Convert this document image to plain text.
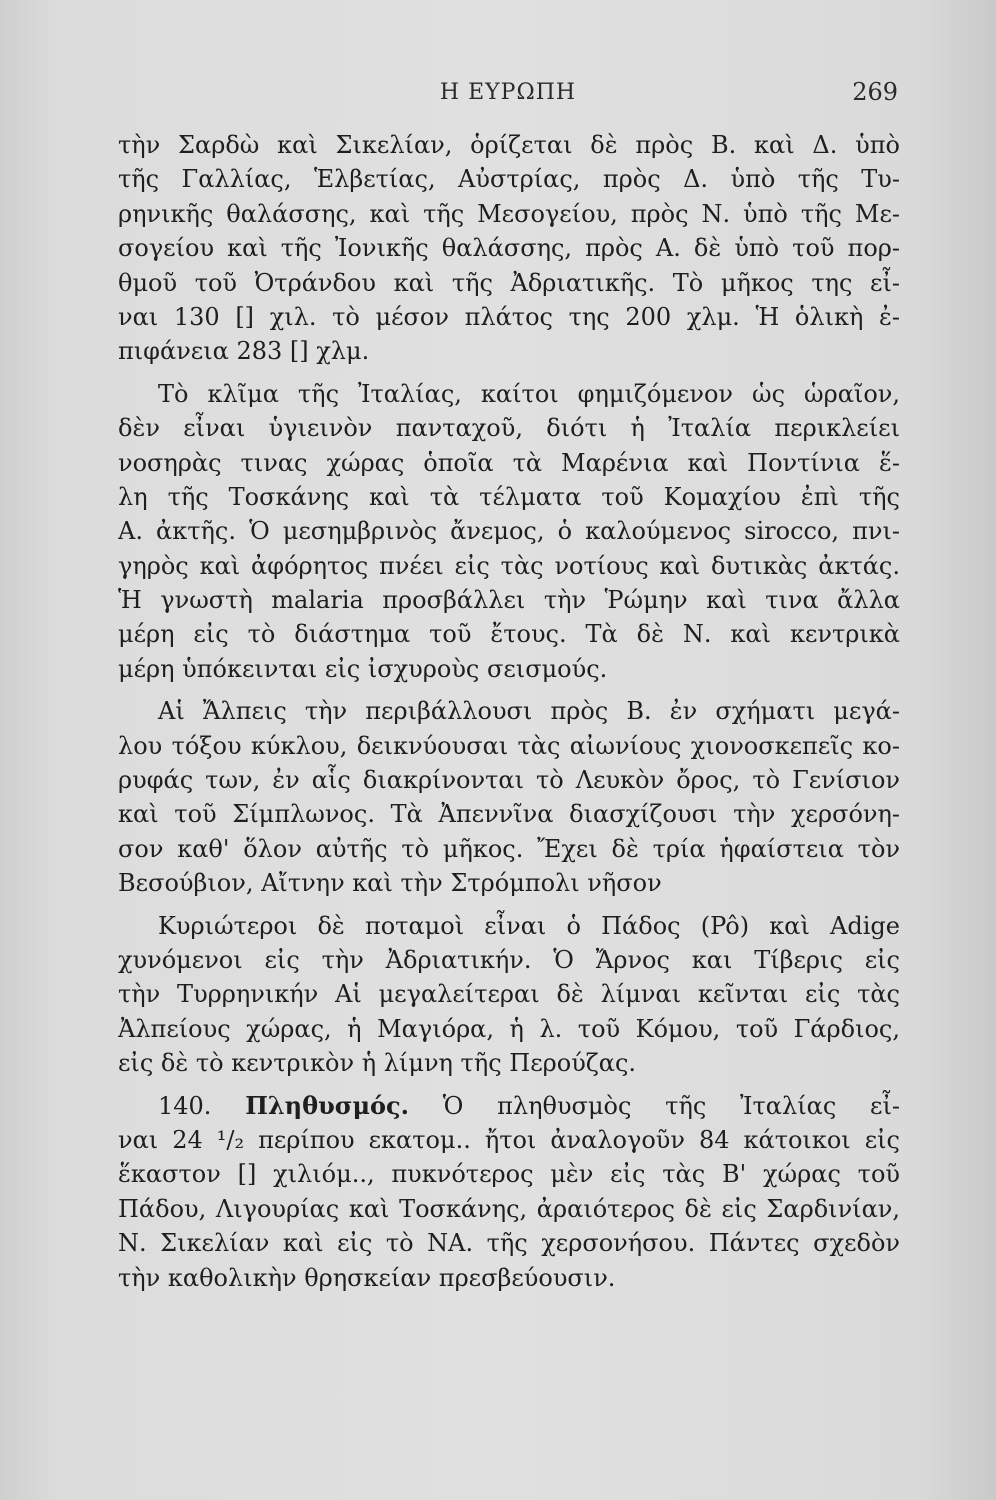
Η ΕΥΡΩΠΗ	269
τὴν Σαρδὼ καὶ Σικελίαν, ὁρίζεται δὲ πρὸς Β. καὶ Δ. ὑπὸ
τῆς Γαλλίας, Ἑλβετίας, Αὐστρίας, πρὸς Δ. ὑπὸ τῆς Τυ-
ρηνικῆς θαλάσσης, καὶ τῆς Μεσογείου, πρὸς Ν. ὑπὸ τῆς Με-
σογείου καὶ τῆς Ἰονικῆς θαλάσσης, πρὸς Α. δὲ ὑπὸ τοῦ πορ-
θμοῦ τοῦ Ὀτράνδου καὶ τῆς Ἀδριατικῆς. Τὸ μῆκος της εἶ-
ναι 130 [] χιλ. τὸ μέσον πλάτος της 200 χλμ. Ἡ ὁλικὴ ἐ-
πιφάνεια 283 [] χλμ.
Τὸ κλῖμα τῆς Ἰταλίας, καίτοι φημιζόμενον ὡς ὡραῖον,
δὲν εἶναι ὑγιεινὸν πανταχοῦ, διότι ἡ Ἰταλία περικλείει
νοσηρὰς τινας χώρας ὁποῖα τὰ Μαρένια καὶ Ποντίνια ἕ-
λη τῆς Τοσκάνης καὶ τὰ τέλματα τοῦ Κομαχίου ἐπὶ τῆς
Α. ἀκτῆς. Ὁ μεσημβρινὸς ἄνεμος, ὁ καλούμενος sirocco, πνι-
γηρὸς καὶ ἀφόρητος πνέει εἰς τὰς νοτίους καὶ δυτικὰς ἀκτάς.
Ἡ γνωστὴ malaria προσβάλλει τὴν Ῥώμην καὶ τινα ἄλλα
μέρη εἰς τὸ διάστημα τοῦ ἔτους. Τὰ δὲ Ν. καὶ κεντρικὰ
μέρη ὑπόκεινται εἰς ἰσχυροὺς σεισμούς.
Αἱ Ἄλπεις τὴν περιβάλλουσι πρὸς Β. ἐν σχήματι μεγά-
λου τόξου κύκλου, δεικνύουσαι τὰς αἰωνίους χιονοσκεπεῖς κο-
ρυφάς των, ἐν αἷς διακρίνονται τὸ Λευκὸν ὄρος, τὸ Γενίσιον
καὶ τοῦ Σίμπλωνος. Τὰ Ἀπεννῖνα διασχίζουσι τὴν χερσόνη-
σον καθ' ὅλον αὐτῆς τὸ μῆκος. Ἔχει δὲ τρία ἡφαίστεια τὸν
Βεσούβιον, Αἴτνην καὶ τὴν Στρόμπολι νῆσον
Κυριώτεροι δὲ ποταμοὶ εἶναι ὁ Πάδος (Pô) καὶ Adige
χυνόμενοι εἰς τὴν Ἀδριατικήν. Ὁ Ἄρνος και Τίβερις εἰς
τὴν Τυρρηνικήν Αἱ μεγαλείτεραι δὲ λίμναι κεῖνται εἰς τὰς
Ἀλπείους χώρας, ἡ Μαγιόρα, ἡ λ. τοῦ Κόμου, τοῦ Γάρδιος,
εἰς δὲ τὸ κεντρικὸν ἡ λίμνη τῆς Περούζας.
140. Πληθυσμός. Ὁ πληθυσμὸς τῆς Ἰταλίας εἶ-
ναι 24 ¹/₂ περίπου εκατομ.. ἤτοι ἀναλογοῦν 84 κάτοικοι εἰς
ἕκαστον [] χιλιόμ.., πυκνότερος μὲν εἰς τὰς Β' χώρας τοῦ
Πάδου, Λιγουρίας καὶ Τοσκάνης, ἀραιότερος δὲ εἰς Σαρδινίαν,
Ν. Σικελίαν καὶ εἰς τὸ ΝΑ. τῆς χερσονήσου. Πάντες σχεδὸν
τὴν καθολικὴν θρησκείαν πρεσβεύουσιν.
